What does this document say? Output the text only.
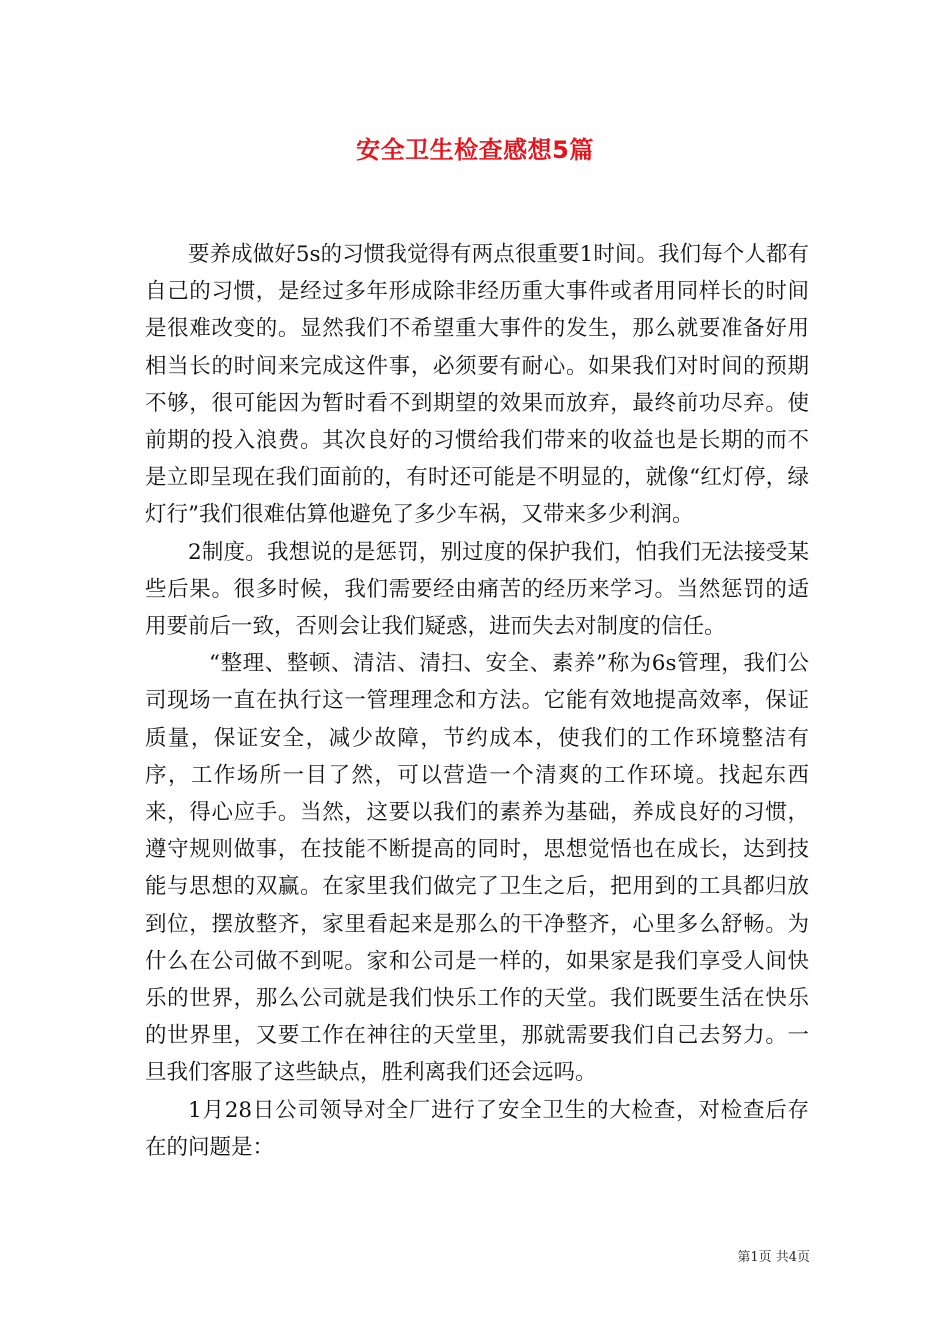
安全卫生检查感想5篇

要养成做好5s的习惯我觉得有两点很重要1时间。我们每个人都有自己的习惯，是经过多年形成除非经历重大事件或者用同样长的时间是很难改变的。显然我们不希望重大事件的发生，那么就要准备好用相当长的时间来完成这件事，必须要有耐心。如果我们对时间的预期不够，很可能因为暂时看不到期望的效果而放弃，最终前功尽弃。使前期的投入浪费。其次良好的习惯给我们带来的收益也是长期的而不是立即呈现在我们面前的，有时还可能是不明显的，就像“红灯停，绿灯行”我们很难估算他避免了多少车祸，又带来多少利润。

2制度。我想说的是惩罚，别过度的保护我们，怕我们无法接受某些后果。很多时候，我们需要经由痛苦的经历来学习。当然惩罚的适用要前后一致，否则会让我们疑惑，进而失去对制度的信任。

“整理、整顿、清洁、清扫、安全、素养”称为6s管理，我们公司现场一直在执行这一管理理念和方法。它能有效地提高效率，保证质量，保证安全，减少故障，节约成本，使我们的工作环境整洁有序，工作场所一目了然，可以营造一个清爽的工作环境。找起东西来，得心应手。当然，这要以我们的素养为基础，养成良好的习惯，遵守规则做事，在技能不断提高的同时，思想觉悟也在成长，达到技能与思想的双赢。在家里我们做完了卫生之后，把用到的工具都归放到位，摆放整齐，家里看起来是那么的干净整齐，心里多么舒畅。为什么在公司做不到呢。家和公司是一样的，如果家是我们享受人间快乐的世界，那么公司就是我们快乐工作的天堂。我们既要生活在快乐的世界里，又要工作在神往的天堂里，那就需要我们自己去努力。一旦我们客服了这些缺点，胜利离我们还会远吗。

1月28日公司领导对全厂进行了安全卫生的大检查，对检查后存在的问题是：

第1页 共4页
